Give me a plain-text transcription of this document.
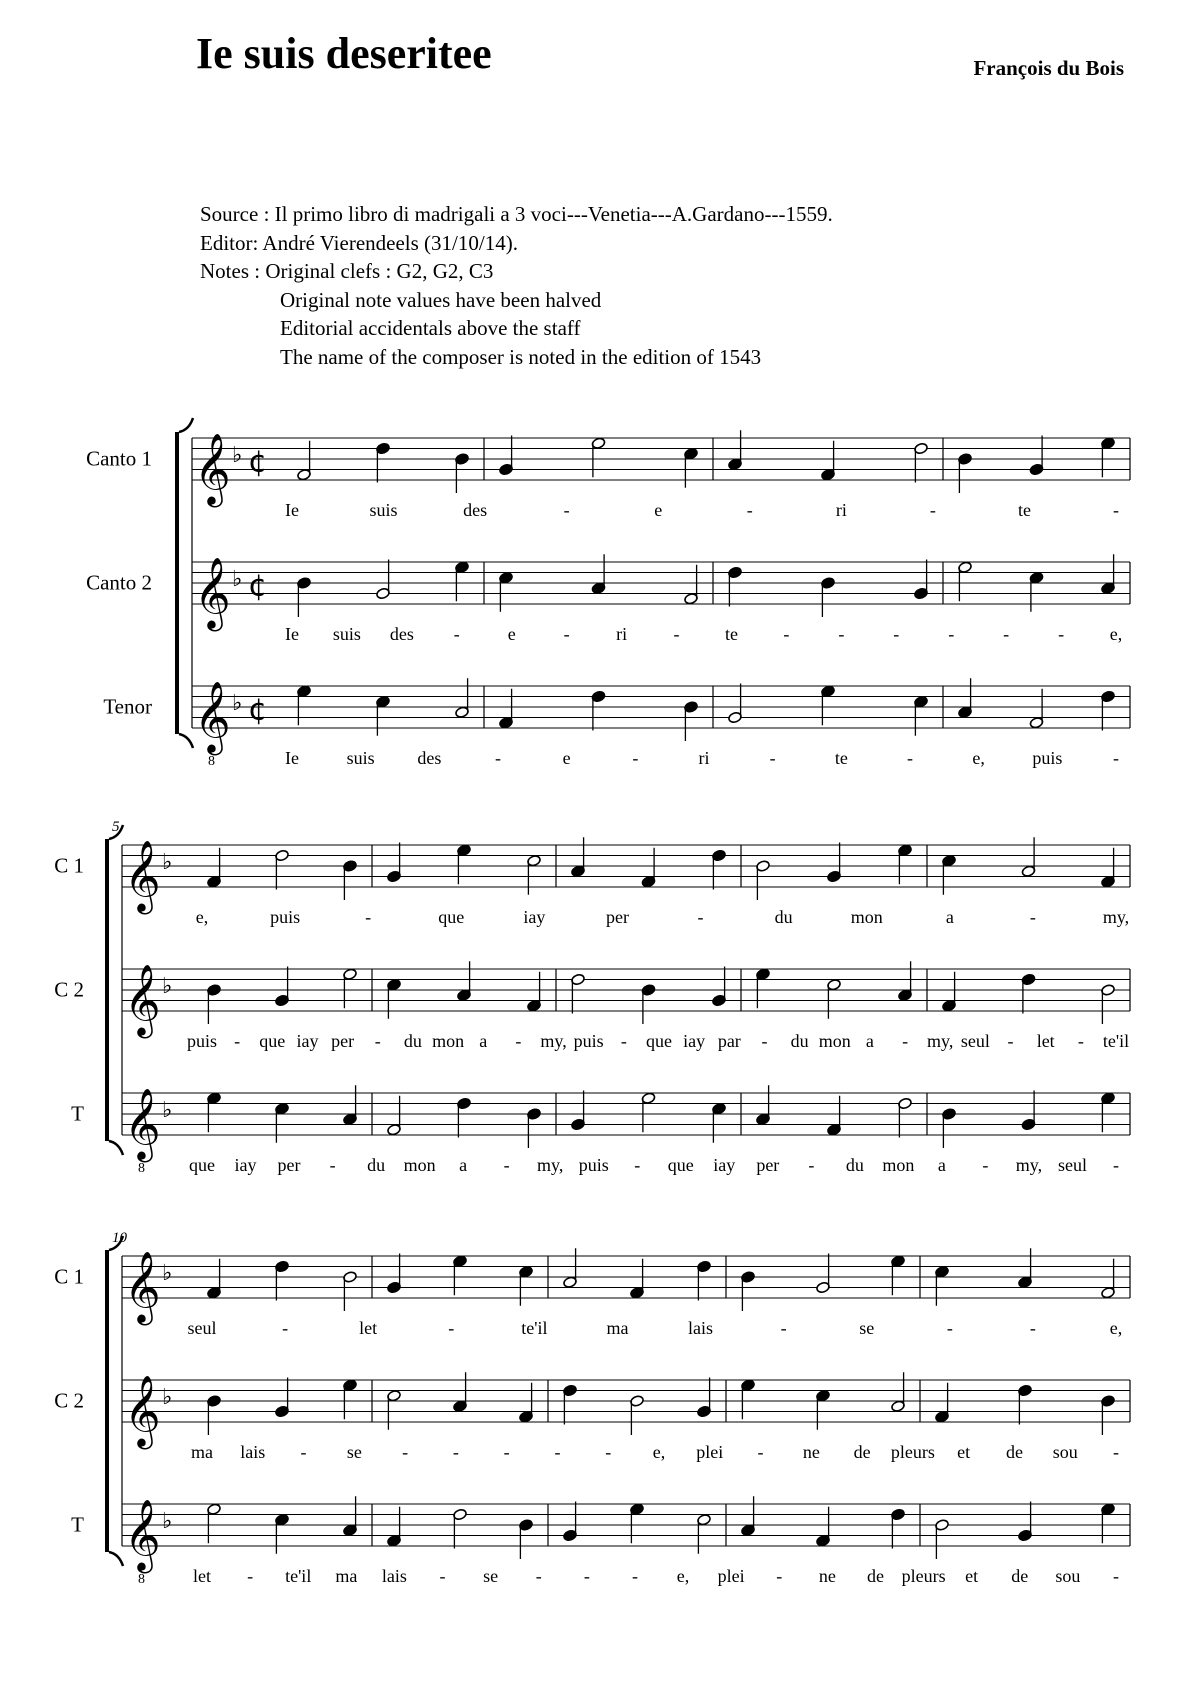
Ie suis deseritee	François du Bois
Source : Il primo libro di madrigali a 3 voci---Venetia---A.Gardano---1559.
Editor: André Vierendeels (31/10/14).
Notes : Original clefs : G2, G2, C3
Original note values have been halved
Editorial accidentals above the staff
The name of the composer is noted in the edition of 1543
Canto 1 𝄞 ♭ ¢
Ie	suis	des	-	e	-	ri	-	te	-
Canto 2 𝄞 ♭ ¢
Ie suis des -	e	-	ri	-	te	-	-	-	-	-	-	e,
Tenor 𝄞
8
♭ ¢
Ie	suis des	-	e	-	ri	-	te	-	e,	puis	-
5
C 1 𝄞 ♭
e,	puis	-	que	iay	per	-	du	mon	a	-	my,
C 2 𝄞 ♭
puis - que iay per - du mon a - my, puis - que iay par - du mon a - my, seul - let - te'il
T 𝄞
8
♭
que iay per - du mon a - my, puis - que iay per - du mon a - my, seul -
10
C 1 𝄞 ♭
seul	-	let	-	te'il	ma	lais	-	se	-	-	e,
C 2 𝄞 ♭
ma lais - se - - - - - e, plei - ne de pleurs et de sou -
T 𝄞
8
♭
let - te'il ma lais - se - - - e, plei - ne de pleurs et de sou -
